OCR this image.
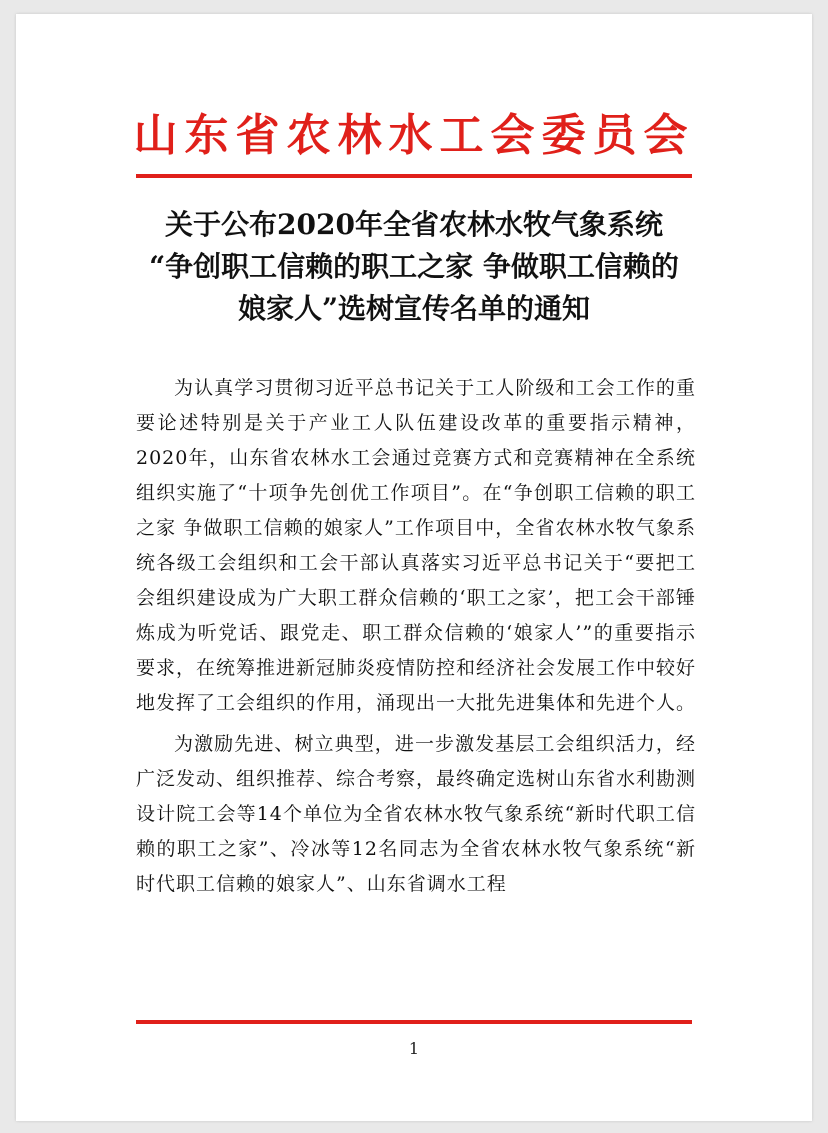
山东省农林水工会委员会
关于公布2020年全省农林水牧气象系统
“争创职工信赖的职工之家 争做职工信赖的
娘家人”选树宣传名单的通知

为认真学习贯彻习近平总书记关于工人阶级和工会工作的重要论述特别是关于产业工人队伍建设改革的重要指示精神，2020年，山东省农林水工会通过竞赛方式和竞赛精神在全系统组织实施了“十项争先创优工作项目”。在“争创职工信赖的职工之家 争做职工信赖的娘家人”工作项目中，全省农林水牧气象系统各级工会组织和工会干部认真落实习近平总书记关于“要把工会组织建设成为广大职工群众信赖的‘职工之家’，把工会干部锤炼成为听党话、跟党走、职工群众信赖的‘娘家人’”的重要指示要求，在统筹推进新冠肺炎疫情防控和经济社会发展工作中较好地发挥了工会组织的作用，涌现出一大批先进集体和先进个人。

为激励先进、树立典型，进一步激发基层工会组织活力，经广泛发动、组织推荐、综合考察，最终确定选树山东省水利勘测设计院工会等14个单位为全省农林水牧气象系统“新时代职工信赖的职工之家”、冷冰等12名同志为全省农林水牧气象系统“新时代职工信赖的娘家人”、山东省调水工程

1
